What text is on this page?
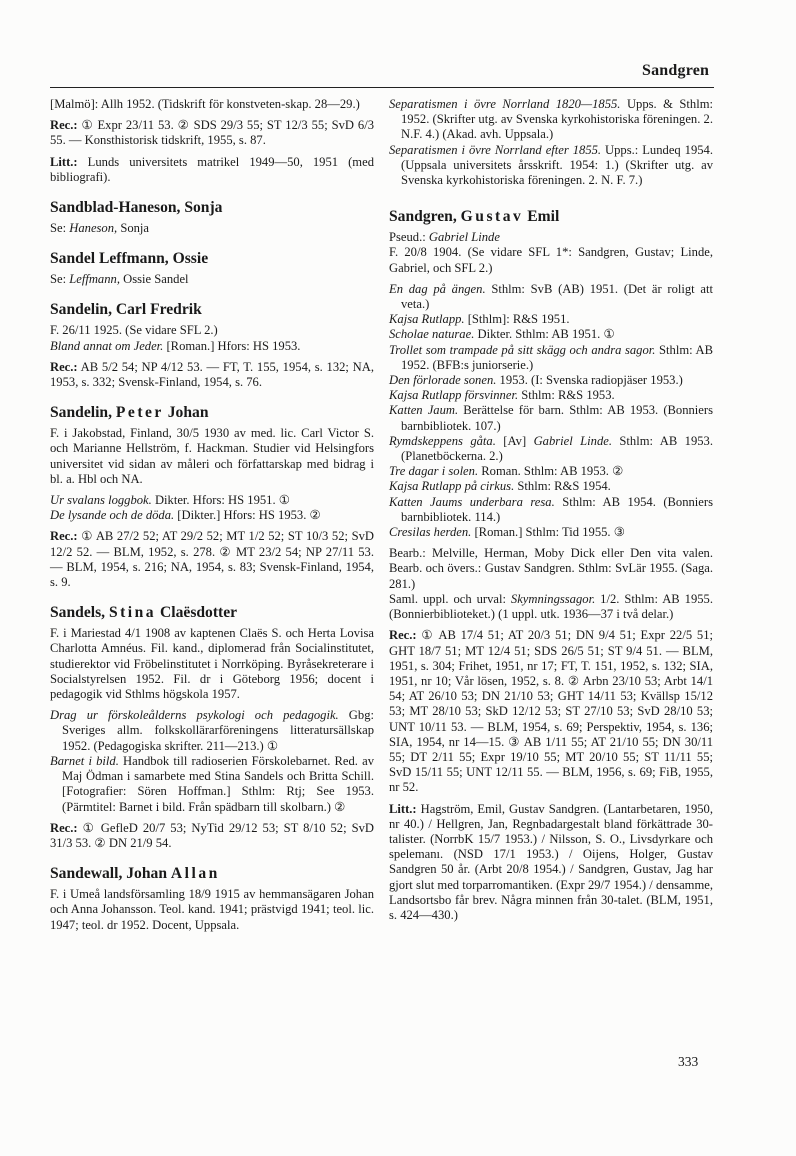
Sandgren

[Malmö]: Allh 1952. (Tidskrift för konstveten-skap. 28—29.)

Rec.: ① Expr 23/11 53. ② SDS 29/3 55; ST 12/3 55; SvD 6/3 55. — Konsthistorisk tidskrift, 1955, s. 87.

Litt.: Lunds universitets matrikel 1949—50, 1951 (med bibliografi).

Sandblad-Haneson, Sonja

Se: Haneson, Sonja

Sandel Leffmann, Ossie

Se: Leffmann, Ossie Sandel

Sandelin, Carl Fredrik

F. 26/11 1925. (Se vidare SFL 2.)

Bland annat om Jeder. [Roman.] Hfors: HS 1953.

Rec.: AB 5/2 54; NP 4/12 53. — FT, T. 155, 1954, s. 132; NA, 1953, s. 332; Svensk-Finland, 1954, s. 76.

Sandelin, Peter Johan

F. i Jakobstad, Finland, 30/5 1930 av med. lic. Carl Victor S. och Marianne Hellström, f. Hackman. Studier vid Helsingfors universitet vid sidan av måleri och författarskap med bidrag i bl. a. Hbl och NA.

Ur svalans loggbok. Dikter. Hfors: HS 1951. ①

De lysande och de döda. [Dikter.] Hfors: HS 1953. ②

Rec.: ① AB 27/2 52; AT 29/2 52; MT 1/2 52; ST 10/3 52; SvD 12/2 52. — BLM, 1952, s. 278. ② MT 23/2 54; NP 27/11 53. — BLM, 1954, s. 216; NA, 1954, s. 83; Svensk-Finland, 1954, s. 9.

Sandels, Stina Claësdotter

F. i Mariestad 4/1 1908 av kaptenen Claës S. och Herta Lovisa Charlotta Amnéus. Fil. kand., diplomerad från Socialinstitutet, studierektor vid Fröbelinstitutet i Norrköping. Byråsekreterare i Socialstyrelsen 1952. Fil. dr i Göteborg 1956; docent i pedagogik vid Sthlms högskola 1957.

Drag ur förskoleålderns psykologi och pedagogik. Gbg: Sveriges allm. folkskollärarföreningens litteratursällskap 1952. (Pedagogiska skrifter. 211—213.) ①

Barnet i bild. Handbok till radioserien Förskolebarnet. Red. av Maj Ödman i samarbete med Stina Sandels och Britta Schill. [Fotografier: Sören Hoffman.] Sthlm: Rtj; See 1953. (Pärmtitel: Barnet i bild. Från spädbarn till skolbarn.) ②

Rec.: ① GefleD 20/7 53; NyTid 29/12 53; ST 8/10 52; SvD 31/3 53. ② DN 21/9 54.

Sandewall, Johan Allan

F. i Umeå landsförsamling 18/9 1915 av hemmansägaren Johan och Anna Johansson. Teol. kand. 1941; prästvigd 1941; teol. lic. 1947; teol. dr 1952. Docent, Uppsala.

Separatismen i övre Norrland 1820—1855. Upps. & Sthlm: 1952. (Skrifter utg. av Svenska kyrkohistoriska föreningen. 2. N.F. 4.) (Akad. avh. Uppsala.)

Separatismen i övre Norrland efter 1855. Upps.: Lundeq 1954. (Uppsala universitets årsskrift. 1954: 1.) (Skrifter utg. av Svenska kyrkohistoriska föreningen. 2. N. F. 7.)

Sandgren, Gustav Emil

Pseud.: Gabriel Linde

F. 20/8 1904. (Se vidare SFL 1*: Sandgren, Gustav; Linde, Gabriel, och SFL 2.)

En dag på ängen. Sthlm: SvB (AB) 1951. (Det är roligt att veta.)

Kajsa Rutlapp. [Sthlm]: R&S 1951.

Scholae naturae. Dikter. Sthlm: AB 1951. ①

Trollet som trampade på sitt skägg och andra sagor. Sthlm: AB 1952. (BFB:s juniorserie.)

Den förlorade sonen. 1953. (I: Svenska radiopjäser 1953.)

Kajsa Rutlapp försvinner. Sthlm: R&S 1953.

Katten Jaum. Berättelse för barn. Sthlm: AB 1953. (Bonniers barnbibliotek. 107.)

Rymdskeppens gåta. [Av] Gabriel Linde. Sthlm: AB 1953. (Planetböckerna. 2.)

Tre dagar i solen. Roman. Sthlm: AB 1953. ②

Kajsa Rutlapp på cirkus. Sthlm: R&S 1954.

Katten Jaums underbara resa. Sthlm: AB 1954. (Bonniers barnbibliotek. 114.)

Cresilas herden. [Roman.] Sthlm: Tid 1955. ③

Bearb.: Melville, Herman, Moby Dick eller Den vita valen. Bearb. och övers.: Gustav Sandgren. Sthlm: SvLär 1955. (Saga. 281.)

Saml. uppl. och urval: Skymningssagor. 1/2. Sthlm: AB 1955. (Bonnierbiblioteket.) (1 uppl. utk. 1936—37 i två delar.)

Rec.: ① AB 17/4 51; AT 20/3 51; DN 9/4 51; Expr 22/5 51; GHT 18/7 51; MT 12/4 51; SDS 26/5 51; ST 9/4 51. — BLM, 1951, s. 304; Frihet, 1951, nr 17; FT, T. 151, 1952, s. 132; SIA, 1951, nr 10; Vår lösen, 1952, s. 8. ② Arbn 23/10 53; Arbt 14/1 54; AT 26/10 53; DN 21/10 53; GHT 14/11 53; Kvällsp 15/12 53; MT 28/10 53; SkD 12/12 53; ST 27/10 53; SvD 28/10 53; UNT 10/11 53. — BLM, 1954, s. 69; Perspektiv, 1954, s. 136; SIA, 1954, nr 14—15. ③ AB 1/11 55; AT 21/10 55; DN 30/11 55; DT 2/11 55; Expr 19/10 55; MT 20/10 55; ST 11/11 55; SvD 15/11 55; UNT 12/11 55. — BLM, 1956, s. 69; FiB, 1955, nr 52.

Litt.: Hagström, Emil, Gustav Sandgren. (Lantarbetaren, 1950, nr 40.) / Hellgren, Jan, Regnbadargestalt bland förkättrade 30-talister. (NorrbK 15/7 1953.) / Nilsson, S. O., Livsdyrkare och spelemanı. (NSD 17/1 1953.) / Oijens, Holger, Gustav Sandgren 50 år. (Arbt 20/8 1954.) / Sandgren, Gustav, Jag har gjort slut med torparromantiken. (Expr 29/7 1954.) / densamme, Landsortsbo får brev. Några minnen från 30-talet. (BLM, 1951, s. 424—430.)

333
